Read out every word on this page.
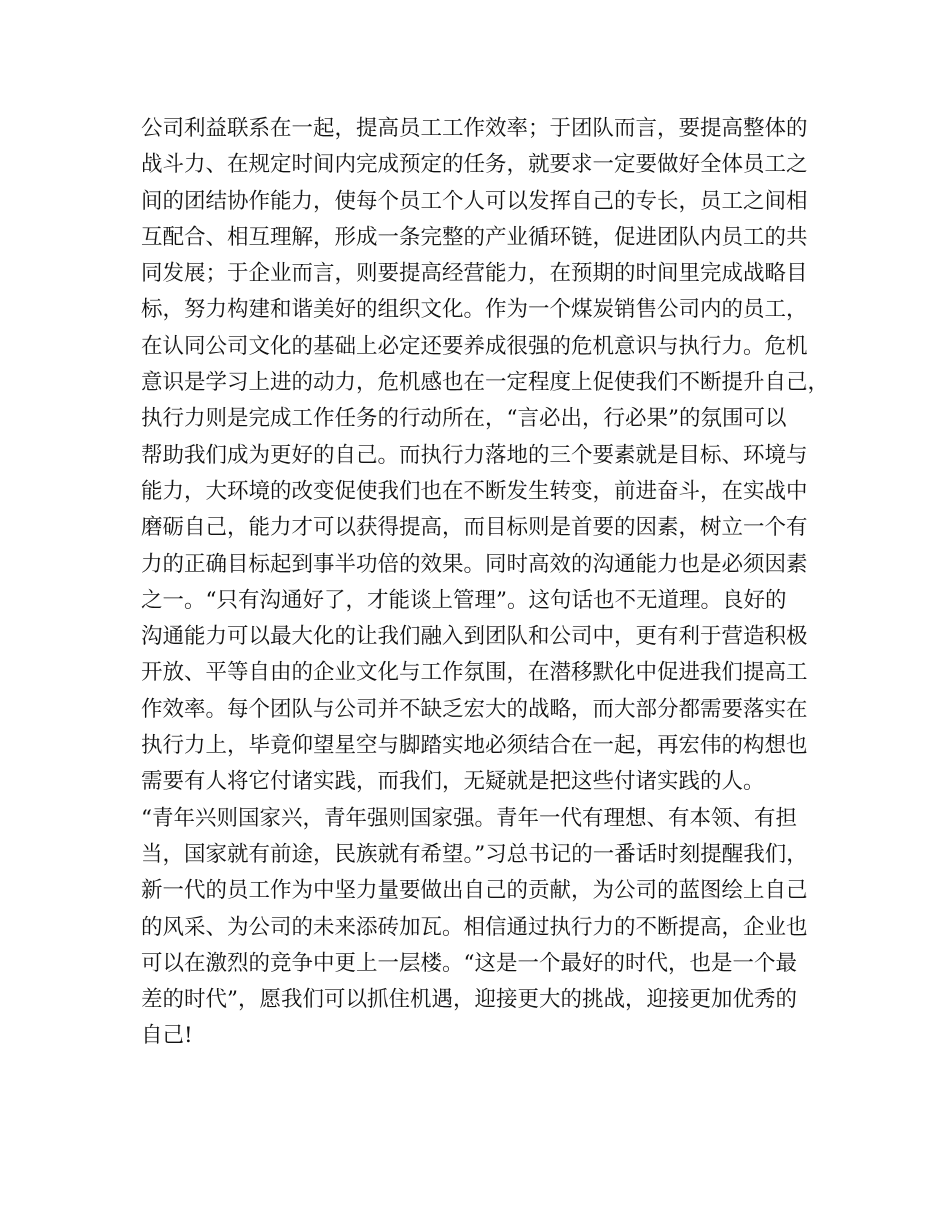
公司利益联系在一起，提高员工工作效率；于团队而言，要提高整体的
战斗力、在规定时间内完成预定的任务，就要求一定要做好全体员工之
间的团结协作能力，使每个员工个人可以发挥自己的专长，员工之间相
互配合、相互理解，形成一条完整的产业循环链，促进团队内员工的共
同发展；于企业而言，则要提高经营能力，在预期的时间里完成战略目
标，努力构建和谐美好的组织文化。作为一个煤炭销售公司内的员工，
在认同公司文化的基础上必定还要养成很强的危机意识与执行力。危机
意识是学习上进的动力，危机感也在一定程度上促使我们不断提升自己，
执行力则是完成工作任务的行动所在，“言必出，行必果”的氛围可以
帮助我们成为更好的自己。而执行力落地的三个要素就是目标、环境与
能力，大环境的改变促使我们也在不断发生转变，前进奋斗，在实战中
磨砺自己，能力才可以获得提高，而目标则是首要的因素，树立一个有
力的正确目标起到事半功倍的效果。同时高效的沟通能力也是必须因素
之一。“只有沟通好了，才能谈上管理”。这句话也不无道理。良好的
沟通能力可以最大化的让我们融入到团队和公司中，更有利于营造积极
开放、平等自由的企业文化与工作氛围，在潜移默化中促进我们提高工
作效率。每个团队与公司并不缺乏宏大的战略，而大部分都需要落实在
执行力上，毕竟仰望星空与脚踏实地必须结合在一起，再宏伟的构想也
需要有人将它付诸实践，而我们，无疑就是把这些付诸实践的人。
“青年兴则国家兴，青年强则国家强。青年一代有理想、有本领、有担
当，国家就有前途，民族就有希望。”习总书记的一番话时刻提醒我们，
新一代的员工作为中坚力量要做出自己的贡献，为公司的蓝图绘上自己
的风采、为公司的未来添砖加瓦。相信通过执行力的不断提高，企业也
可以在激烈的竞争中更上一层楼。“这是一个最好的时代，也是一个最
差的时代”，愿我们可以抓住机遇，迎接更大的挑战，迎接更加优秀的
自己!
